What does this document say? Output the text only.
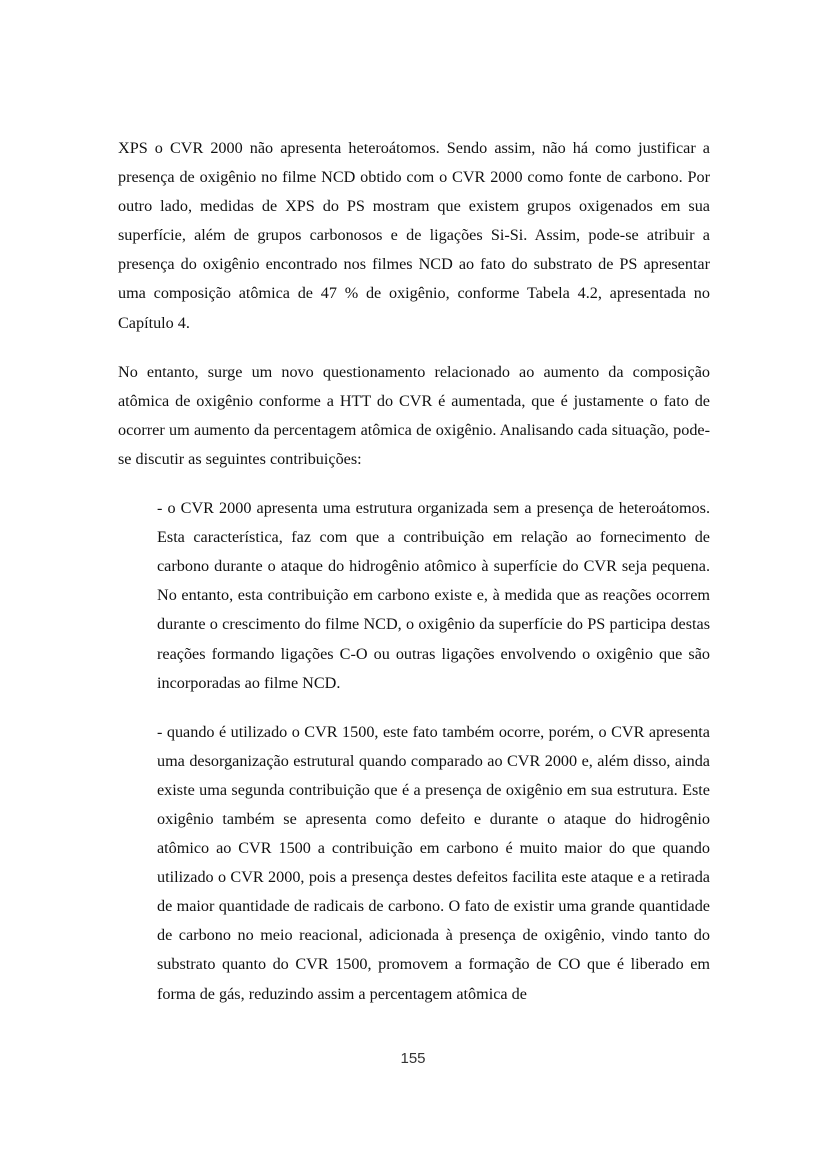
XPS o CVR 2000 não apresenta heteroátomos. Sendo assim, não há como justificar a presença de oxigênio no filme NCD obtido com o CVR 2000 como fonte de carbono. Por outro lado, medidas de XPS do PS mostram que existem grupos oxigenados em sua superfície, além de grupos carbonosos e de ligações Si-Si. Assim, pode-se atribuir a presença do oxigênio encontrado nos filmes NCD ao fato do substrato de PS apresentar uma composição atômica de 47 % de oxigênio, conforme Tabela 4.2, apresentada no Capítulo 4.

No entanto, surge um novo questionamento relacionado ao aumento da composição atômica de oxigênio conforme a HTT do CVR é aumentada, que é justamente o fato de ocorrer um aumento da percentagem atômica de oxigênio. Analisando cada situação, pode-se discutir as seguintes contribuições:

- o CVR 2000 apresenta uma estrutura organizada sem a presença de heteroátomos. Esta característica, faz com que a contribuição em relação ao fornecimento de carbono durante o ataque do hidrogênio atômico à superfície do CVR seja pequena. No entanto, esta contribuição em carbono existe e, à medida que as reações ocorrem durante o crescimento do filme NCD, o oxigênio da superfície do PS participa destas reações formando ligações C-O ou outras ligações envolvendo o oxigênio que são incorporadas ao filme NCD.

- quando é utilizado o CVR 1500, este fato também ocorre, porém, o CVR apresenta uma desorganização estrutural quando comparado ao CVR 2000 e, além disso, ainda existe uma segunda contribuição que é a presença de oxigênio em sua estrutura. Este oxigênio também se apresenta como defeito e durante o ataque do hidrogênio atômico ao CVR 1500 a contribuição em carbono é muito maior do que quando utilizado o CVR 2000, pois a presença destes defeitos facilita este ataque e a retirada de maior quantidade de radicais de carbono. O fato de existir uma grande quantidade de carbono no meio reacional, adicionada à presença de oxigênio, vindo tanto do substrato quanto do CVR 1500, promovem a formação de CO que é liberado em forma de gás, reduzindo assim a percentagem atômica de

155
